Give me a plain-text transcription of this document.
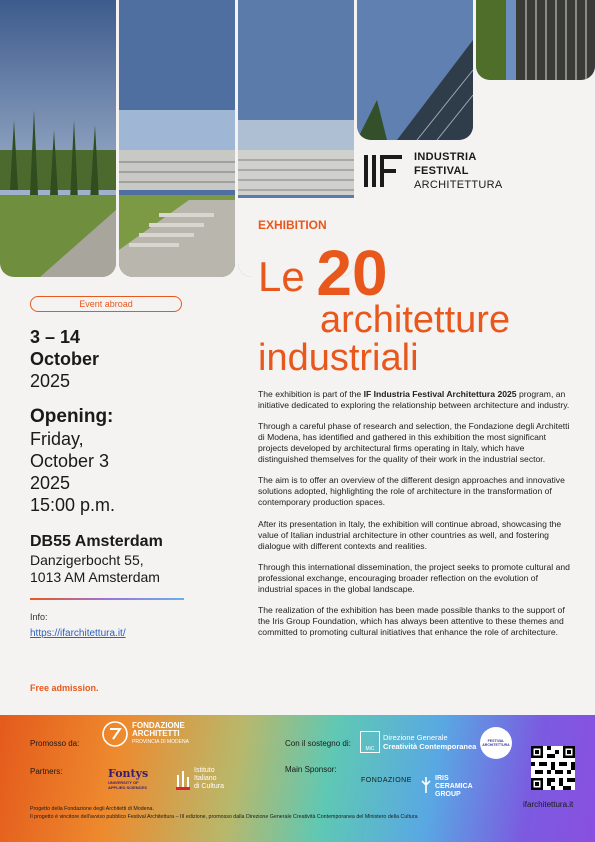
INDUSTRIA
FESTIVAL
ARCHITETTURA
EXHIBITION
Le 20
architetture
industriali
Event abroad
3 – 14
October
2025
Opening:
Friday,
October 3
2025
15:00 p.m.
DB55 Amsterdam
Danzigerbocht 55,
1013 AM Amsterdam
Info:
https://ifarchitettura.it/
Free admission.

The exhibition is part of the IF Industria Festival Architettura 2025 program, an initiative dedicated to exploring the relationship between architecture and industry.

Through a careful phase of research and selection, the Fondazione degli Architetti di Modena, has identified and gathered in this exhibition the most significant projects developed by architectural firms operating in Italy, which have distinguished themselves for the quality of their work in the industrial sector.

The aim is to offer an overview of the different design approaches and innovative solutions adopted, highlighting the role of architecture in the transformation of contemporary production spaces.

After its presentation in Italy, the exhibition will continue abroad, showcasing the value of Italian industrial architecture in other countries as well, and fostering dialogue with different contexts and realities.

Through this international dissemination, the project seeks to promote cultural and professional exchange, encouraging broader reflection on the evolution of industrial spaces in the global landscape.

The realization of the exhibition has been made possible thanks to the support of the Iris Group Foundation, which has always been attentive to these themes and committed to promoting cultural initiatives that enhance the role of architecture.

Promosso da:
Partners:
Con il sostegno di:
Main Sponsor:
FONDAZIONE
ARCHITETTI
PROVINCIA DI MODENA
Fontys
UNIVERSITY OF APPLIED SCIENCES
Istituto
Italiano
di Cultura
MiC
Direzione Generale
Creatività Contemporanea
FESTIVAL ARCHITETTURA
FONDAZIONE	IRIS
CERAMICA
GROUP
Progetto della Fondazione degli Architetti di Modena.
Il progetto è vincitore dell'avviso pubblico Festival Architettura – III edizione, promosso dalla Direzione Generale Creatività Contemporanea del Ministero della Cultura
ifarchitettura.it
